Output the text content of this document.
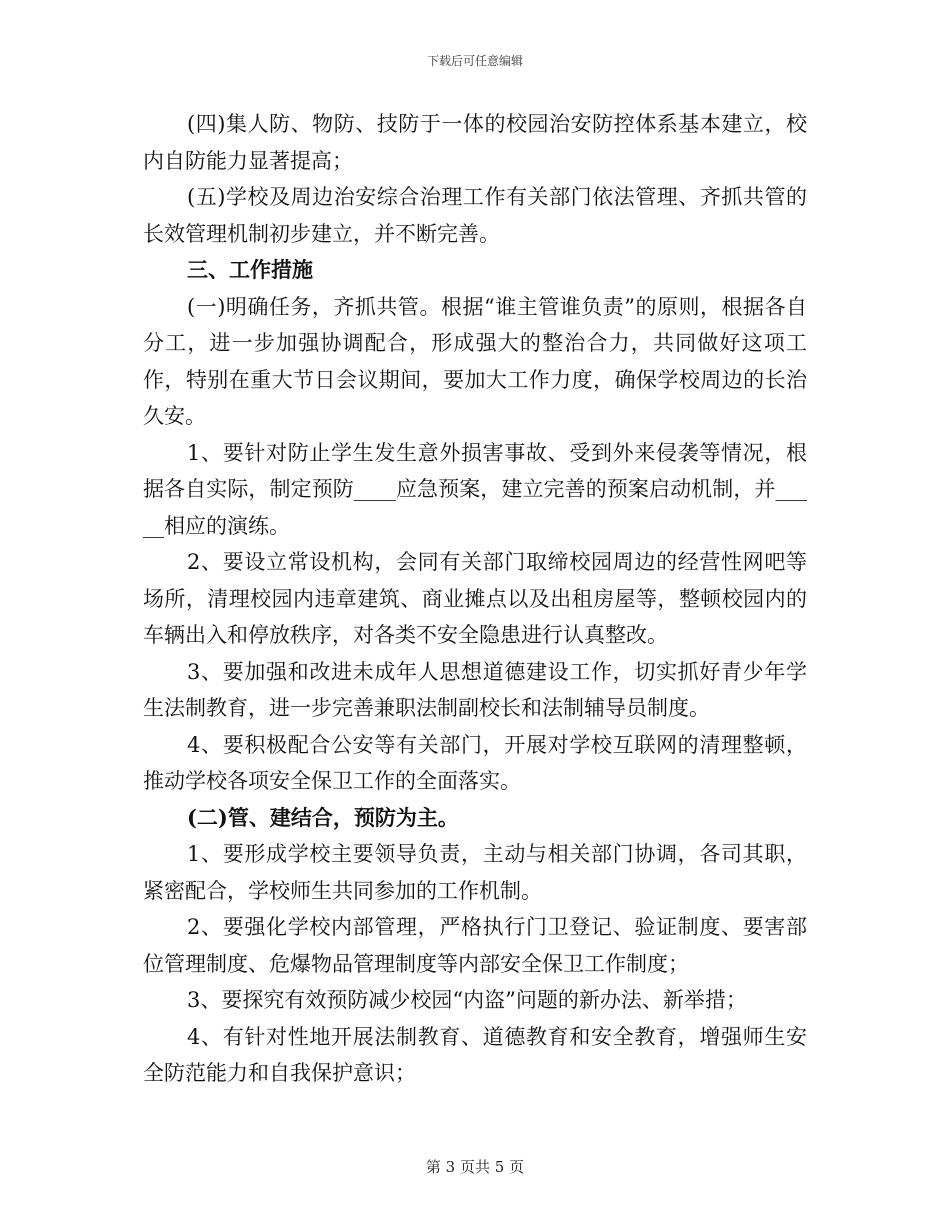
下载后可任意编辑

(四)集人防、物防、技防于一体的校园治安防控体系基本建立，校内自防能力显著提高；

(五)学校及周边治安综合治理工作有关部门依法管理、齐抓共管的长效管理机制初步建立，并不断完善。

三、工作措施

(一)明确任务，齐抓共管。根据“谁主管谁负责”的原则，根据各自分工，进一步加强协调配合，形成强大的整治合力，共同做好这项工作，特别在重大节日会议期间，要加大工作力度，确保学校周边的长治久安。

1、要针对防止学生发生意外损害事故、受到外来侵袭等情况，根据各自实际，制定预防____应急预案，建立完善的预案启动机制，并_____相应的演练。

2、要设立常设机构，会同有关部门取缔校园周边的经营性网吧等场所，清理校园内违章建筑、商业摊点以及出租房屋等，整顿校园内的车辆出入和停放秩序，对各类不安全隐患进行认真整改。

3、要加强和改进未成年人思想道德建设工作，切实抓好青少年学生法制教育，进一步完善兼职法制副校长和法制辅导员制度。

4、要积极配合公安等有关部门，开展对学校互联网的清理整顿，推动学校各项安全保卫工作的全面落实。

(二)管、建结合，预防为主。

1、要形成学校主要领导负责，主动与相关部门协调，各司其职，紧密配合，学校师生共同参加的工作机制。

2、要强化学校内部管理，严格执行门卫登记、验证制度、要害部位管理制度、危爆物品管理制度等内部安全保卫工作制度；

3、要探究有效预防减少校园“内盗”问题的新办法、新举措；

4、有针对性地开展法制教育、道德教育和安全教育，增强师生安全防范能力和自我保护意识；

第 3 页共 5 页
